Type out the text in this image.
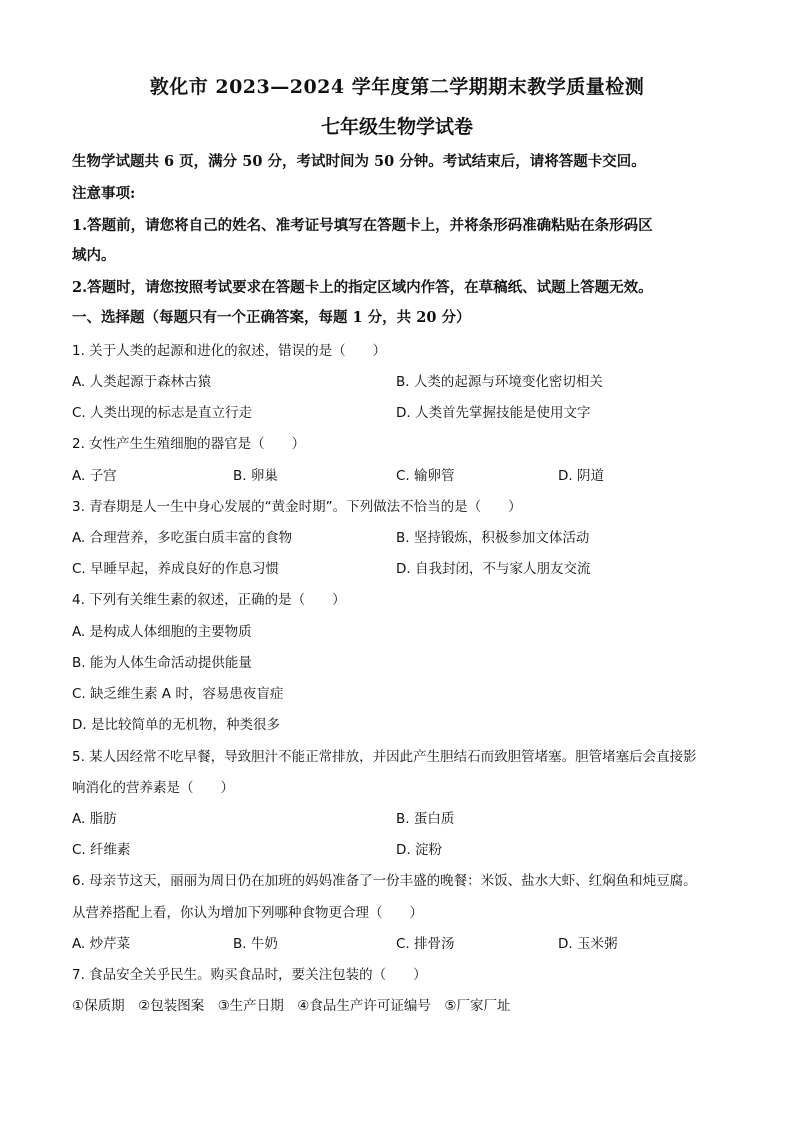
敦化市 2023—2024 学年度第二学期期末教学质量检测
七年级生物学试卷
生物学试题共 6 页，满分 50 分，考试时间为 50 分钟。考试结束后，请将答题卡交回。
注意事项:
1.答题前，请您将自己的姓名、准考证号填写在答题卡上，并将条形码准确粘贴在条形码区
域内。
2.答题时，请您按照考试要求在答题卡上的指定区域内作答，在草稿纸、试题上答题无效。
一、选择题（每题只有一个正确答案，每题 1 分，共 20 分）
1. 关于人类的起源和进化的叙述，错误的是（　　）
A. 人类起源于森林古猿	B. 人类的起源与环境变化密切相关
C. 人类出现的标志是直立行走	D. 人类首先掌握技能是使用文字
2. 女性产生生殖细胞的器官是（　　）
A. 子宫	B. 卵巢	C. 输卵管	D. 阴道
3. 青春期是人一生中身心发展的“黄金时期”。下列做法不恰当的是（　　）
A. 合理营养，多吃蛋白质丰富的食物	B. 坚持锻炼，积极参加文体活动
C. 早睡早起，养成良好的作息习惯	D. 自我封闭，不与家人朋友交流
4. 下列有关维生素的叙述，正确的是（　　）
A. 是构成人体细胞的主要物质
B. 能为人体生命活动提供能量
C. 缺乏维生素 A 时，容易患夜盲症
D. 是比较简单的无机物，种类很多
5. 某人因经常不吃早餐，导致胆汁不能正常排放，并因此产生胆结石而致胆管堵塞。胆管堵塞后会直接影
响消化的营养素是（　　）
A. 脂肪	B. 蛋白质
C. 纤维素	D. 淀粉
6. 母亲节这天，丽丽为周日仍在加班的妈妈准备了一份丰盛的晚餐：米饭、盐水大虾、红焖鱼和炖豆腐。
从营养搭配上看，你认为增加下列哪种食物更合理（　　）
A. 炒芹菜	B. 牛奶	C. 排骨汤	D. 玉米粥
7. 食品安全关乎民生。购买食品时，要关注包装的（　　）
①保质期　②包装图案　③生产日期　④食品生产许可证编号　⑤厂家厂址
